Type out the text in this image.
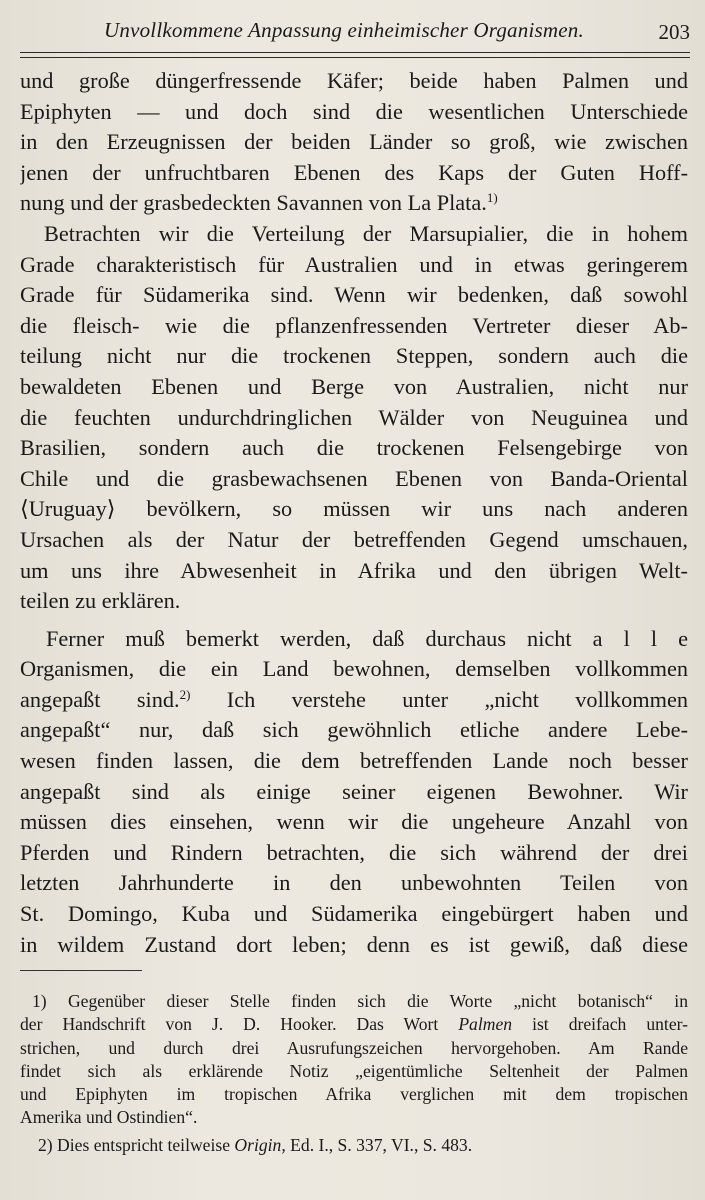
Unvollkommene Anpassung einheimischer Organismen.	203
und große düngerfressende Käfer; beide haben Palmen und
Epiphyten — und doch sind die wesentlichen Unterschiede
in den Erzeugnissen der beiden Länder so groß, wie zwischen
jenen der unfruchtbaren Ebenen des Kaps der Guten Hoff-
nung und der grasbedeckten Savannen von La Plata.$^{1)}$
Betrachten wir die Verteilung der Marsupialier, die in hohem
Grade charakteristisch für Australien und in etwas geringerem
Grade für Südamerika sind. Wenn wir bedenken, daß sowohl
die fleisch- wie die pflanzenfressenden Vertreter dieser Ab-
teilung nicht nur die trockenen Steppen, sondern auch die
bewaldeten Ebenen und Berge von Australien, nicht nur
die feuchten undurchdringlichen Wälder von Neuguinea und
Brasilien, sondern auch die trockenen Felsengebirge von
Chile und die grasbewachsenen Ebenen von Banda-Oriental
⟨Uruguay⟩ bevölkern, so müssen wir uns nach anderen
Ursachen als der Natur der betreffenden Gegend umschauen,
um uns ihre Abwesenheit in Afrika und den übrigen Welt-
teilen zu erklären.
Ferner muß bemerkt werden, daß durchaus nicht a l l e
Organismen, die ein Land bewohnen, demselben vollkommen
angepaßt sind.$^{2)}$ Ich verstehe unter „nicht vollkommen
angepaßt“ nur, daß sich gewöhnlich etliche andere Lebe-
wesen finden lassen, die dem betreffenden Lande noch besser
angepaßt sind als einige seiner eigenen Bewohner. Wir
müssen dies einsehen, wenn wir die ungeheure Anzahl von
Pferden und Rindern betrachten, die sich während der drei
letzten Jahrhunderte in den unbewohnten Teilen von
St. Domingo, Kuba und Südamerika eingebürgert haben und
in wildem Zustand dort leben; denn es ist gewiß, daß diese
1) Gegenüber dieser Stelle finden sich die Worte „nicht botanisch“ in
der Handschrift von J. D. Hooker. Das Wort Palmen ist dreifach unter-
strichen, und durch drei Ausrufungszeichen hervorgehoben. Am Rande
findet sich als erklärende Notiz „eigentümliche Seltenheit der Palmen
und Epiphyten im tropischen Afrika verglichen mit dem tropischen
Amerika und Ostindien“.
2) Dies entspricht teilweise Origin, Ed. I., S. 337, VI., S. 483.
